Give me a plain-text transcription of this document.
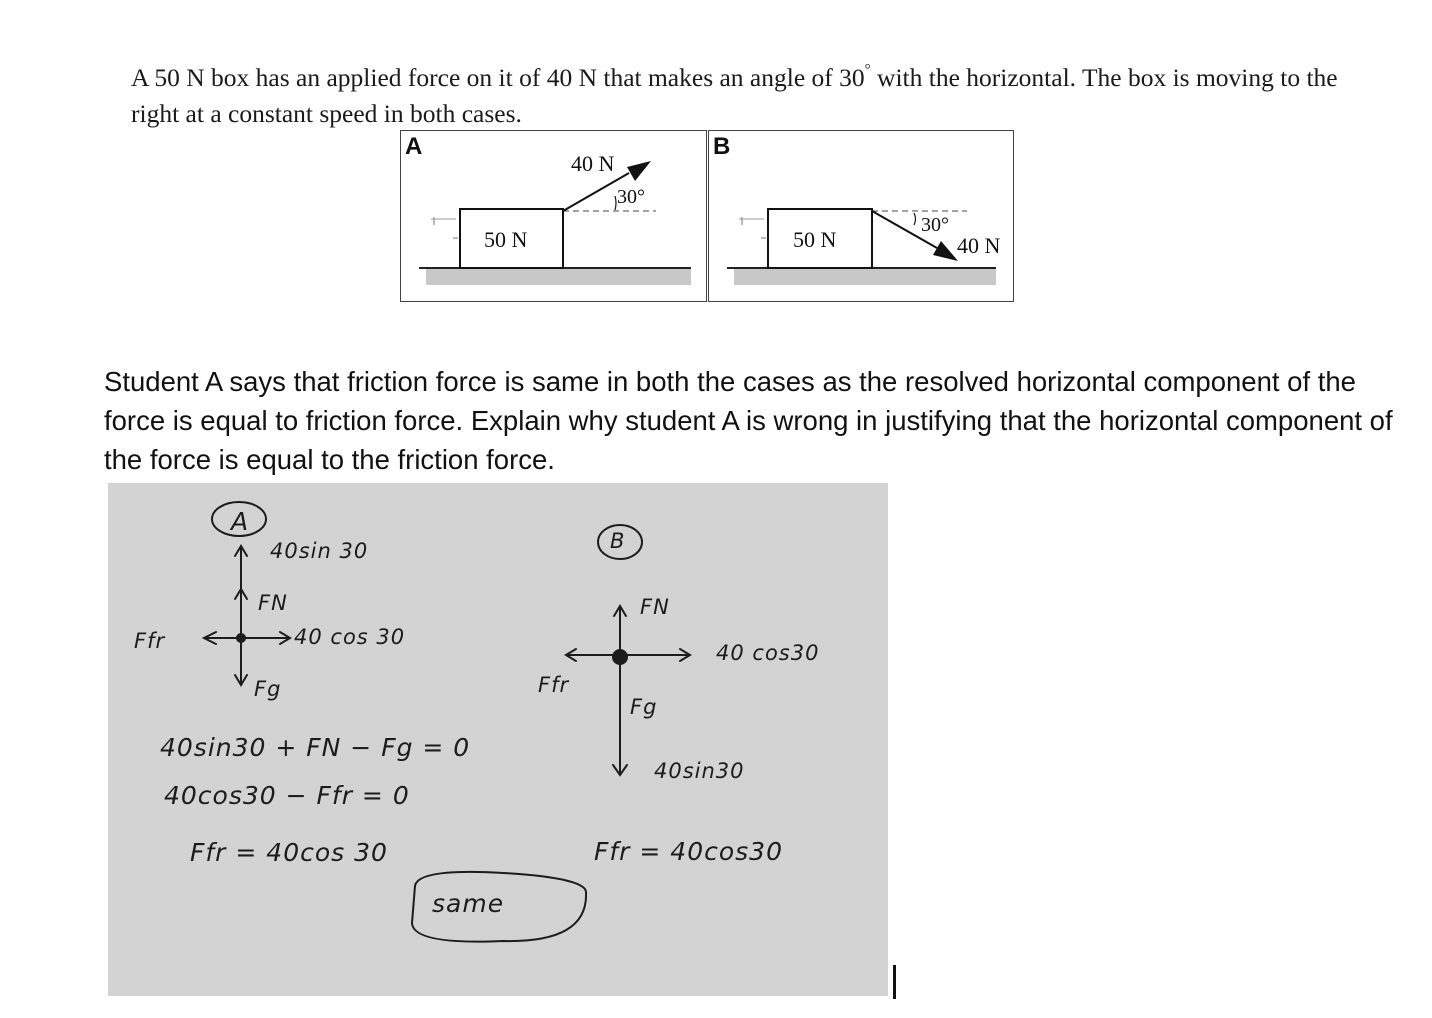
A 50 N box has an applied force on it of 40 N that makes an angle of 30° with the horizontal. The box is moving to the right at a constant speed in both cases.
A
50 N
40 N
30°
B
50 N	40 N
30°
Student A says that friction force is same in both the cases as the resolved horizontal component of the force is equal to friction force. Explain why student A is wrong in justifying that the horizontal component of the force is equal to the friction force.
A
40sin 30
FN
40 cos 30
Ffr
Fg
40sin30 + FN − Fg = 0
40cos30 − Ffr = 0
Ffr = 40cos 30
same
B
FN
40 cos30
Ffr
Fg
40sin30
Ffr = 40cos30
